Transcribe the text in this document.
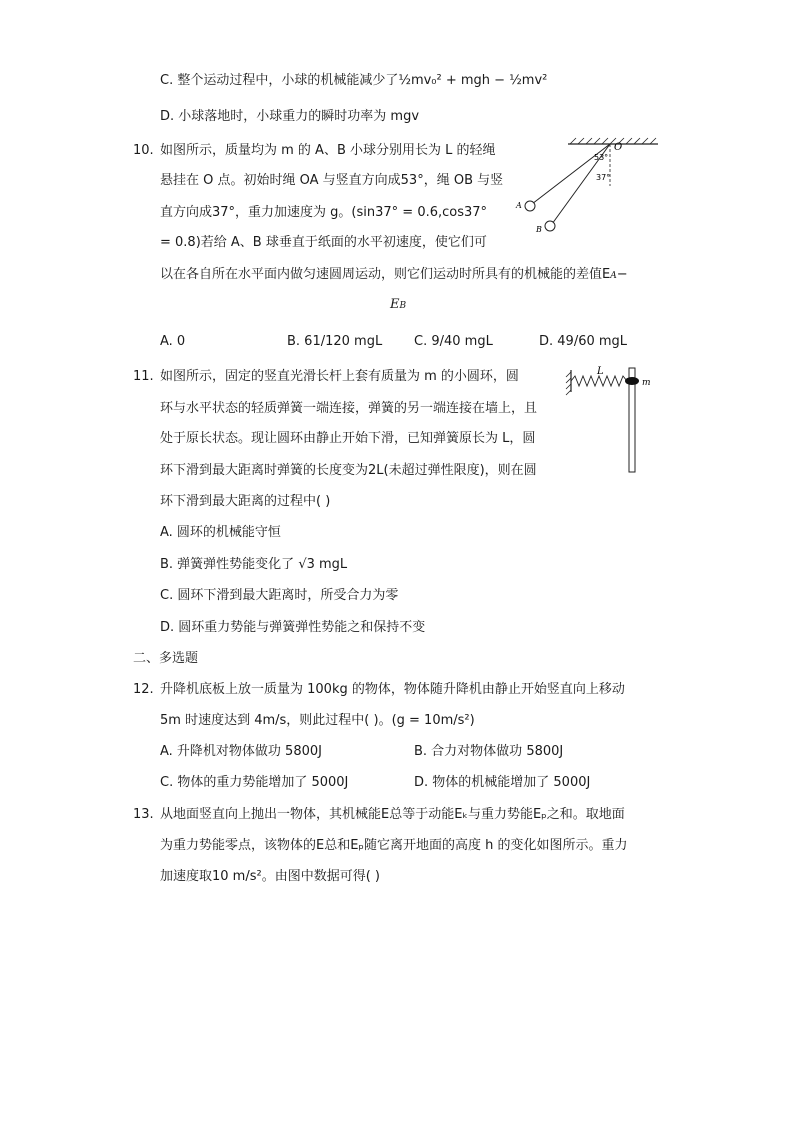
C. 整个运动过程中，小球的机械能减少了½mv₀² + mgh − ½mv²
D. 小球落地时，小球重力的瞬时功率为 mgv
10. 如图所示，质量均为 m 的 A、B 小球分别用长为 L 的轻绳
悬挂在 O 点。初始时绳 OA 与竖直方向成53°，绳 OB 与竖
直方向成37°，重力加速度为 g。(sin37° = 0.6,cos37°
= 0.8)若给 A、B 球垂直于纸面的水平初速度，使它们可
以在各自所在水平面内做匀速圆周运动，则它们运动时所具有的机械能的差值EA−
EB
A. 0	B. 61/120 mgL C. 9/40 mgL	D. 49/60 mgL
O
A
B
53°
37°
11. 如图所示，固定的竖直光滑长杆上套有质量为 m 的小圆环，圆
环与水平状态的轻质弹簧一端连接，弹簧的另一端连接在墙上，且
处于原长状态。现让圆环由静止开始下滑，已知弹簧原长为 L，圆
环下滑到最大距离时弹簧的长度变为2L(未超过弹性限度)，则在圆
环下滑到最大距离的过程中( )
A. 圆环的机械能守恒
B. 弹簧弹性势能变化了 √3 mgL
C. 圆环下滑到最大距离时，所受合力为零
D. 圆环重力势能与弹簧弹性势能之和保持不变
L
m
二、多选题
12. 升降机底板上放一质量为 100kg 的物体，物体随升降机由静止开始竖直向上移动
5m 时速度达到 4m/s，则此过程中( )。(g = 10m/s²)
A. 升降机对物体做功 5800J	B. 合力对物体做功 5800J
C. 物体的重力势能增加了 5000J	D. 物体的机械能增加了 5000J
13. 从地面竖直向上抛出一物体，其机械能E总等于动能Eₖ与重力势能Eₚ之和。取地面
为重力势能零点，该物体的E总和Eₚ随它离开地面的高度 h 的变化如图所示。重力
加速度取10 m/s²。由图中数据可得( )
